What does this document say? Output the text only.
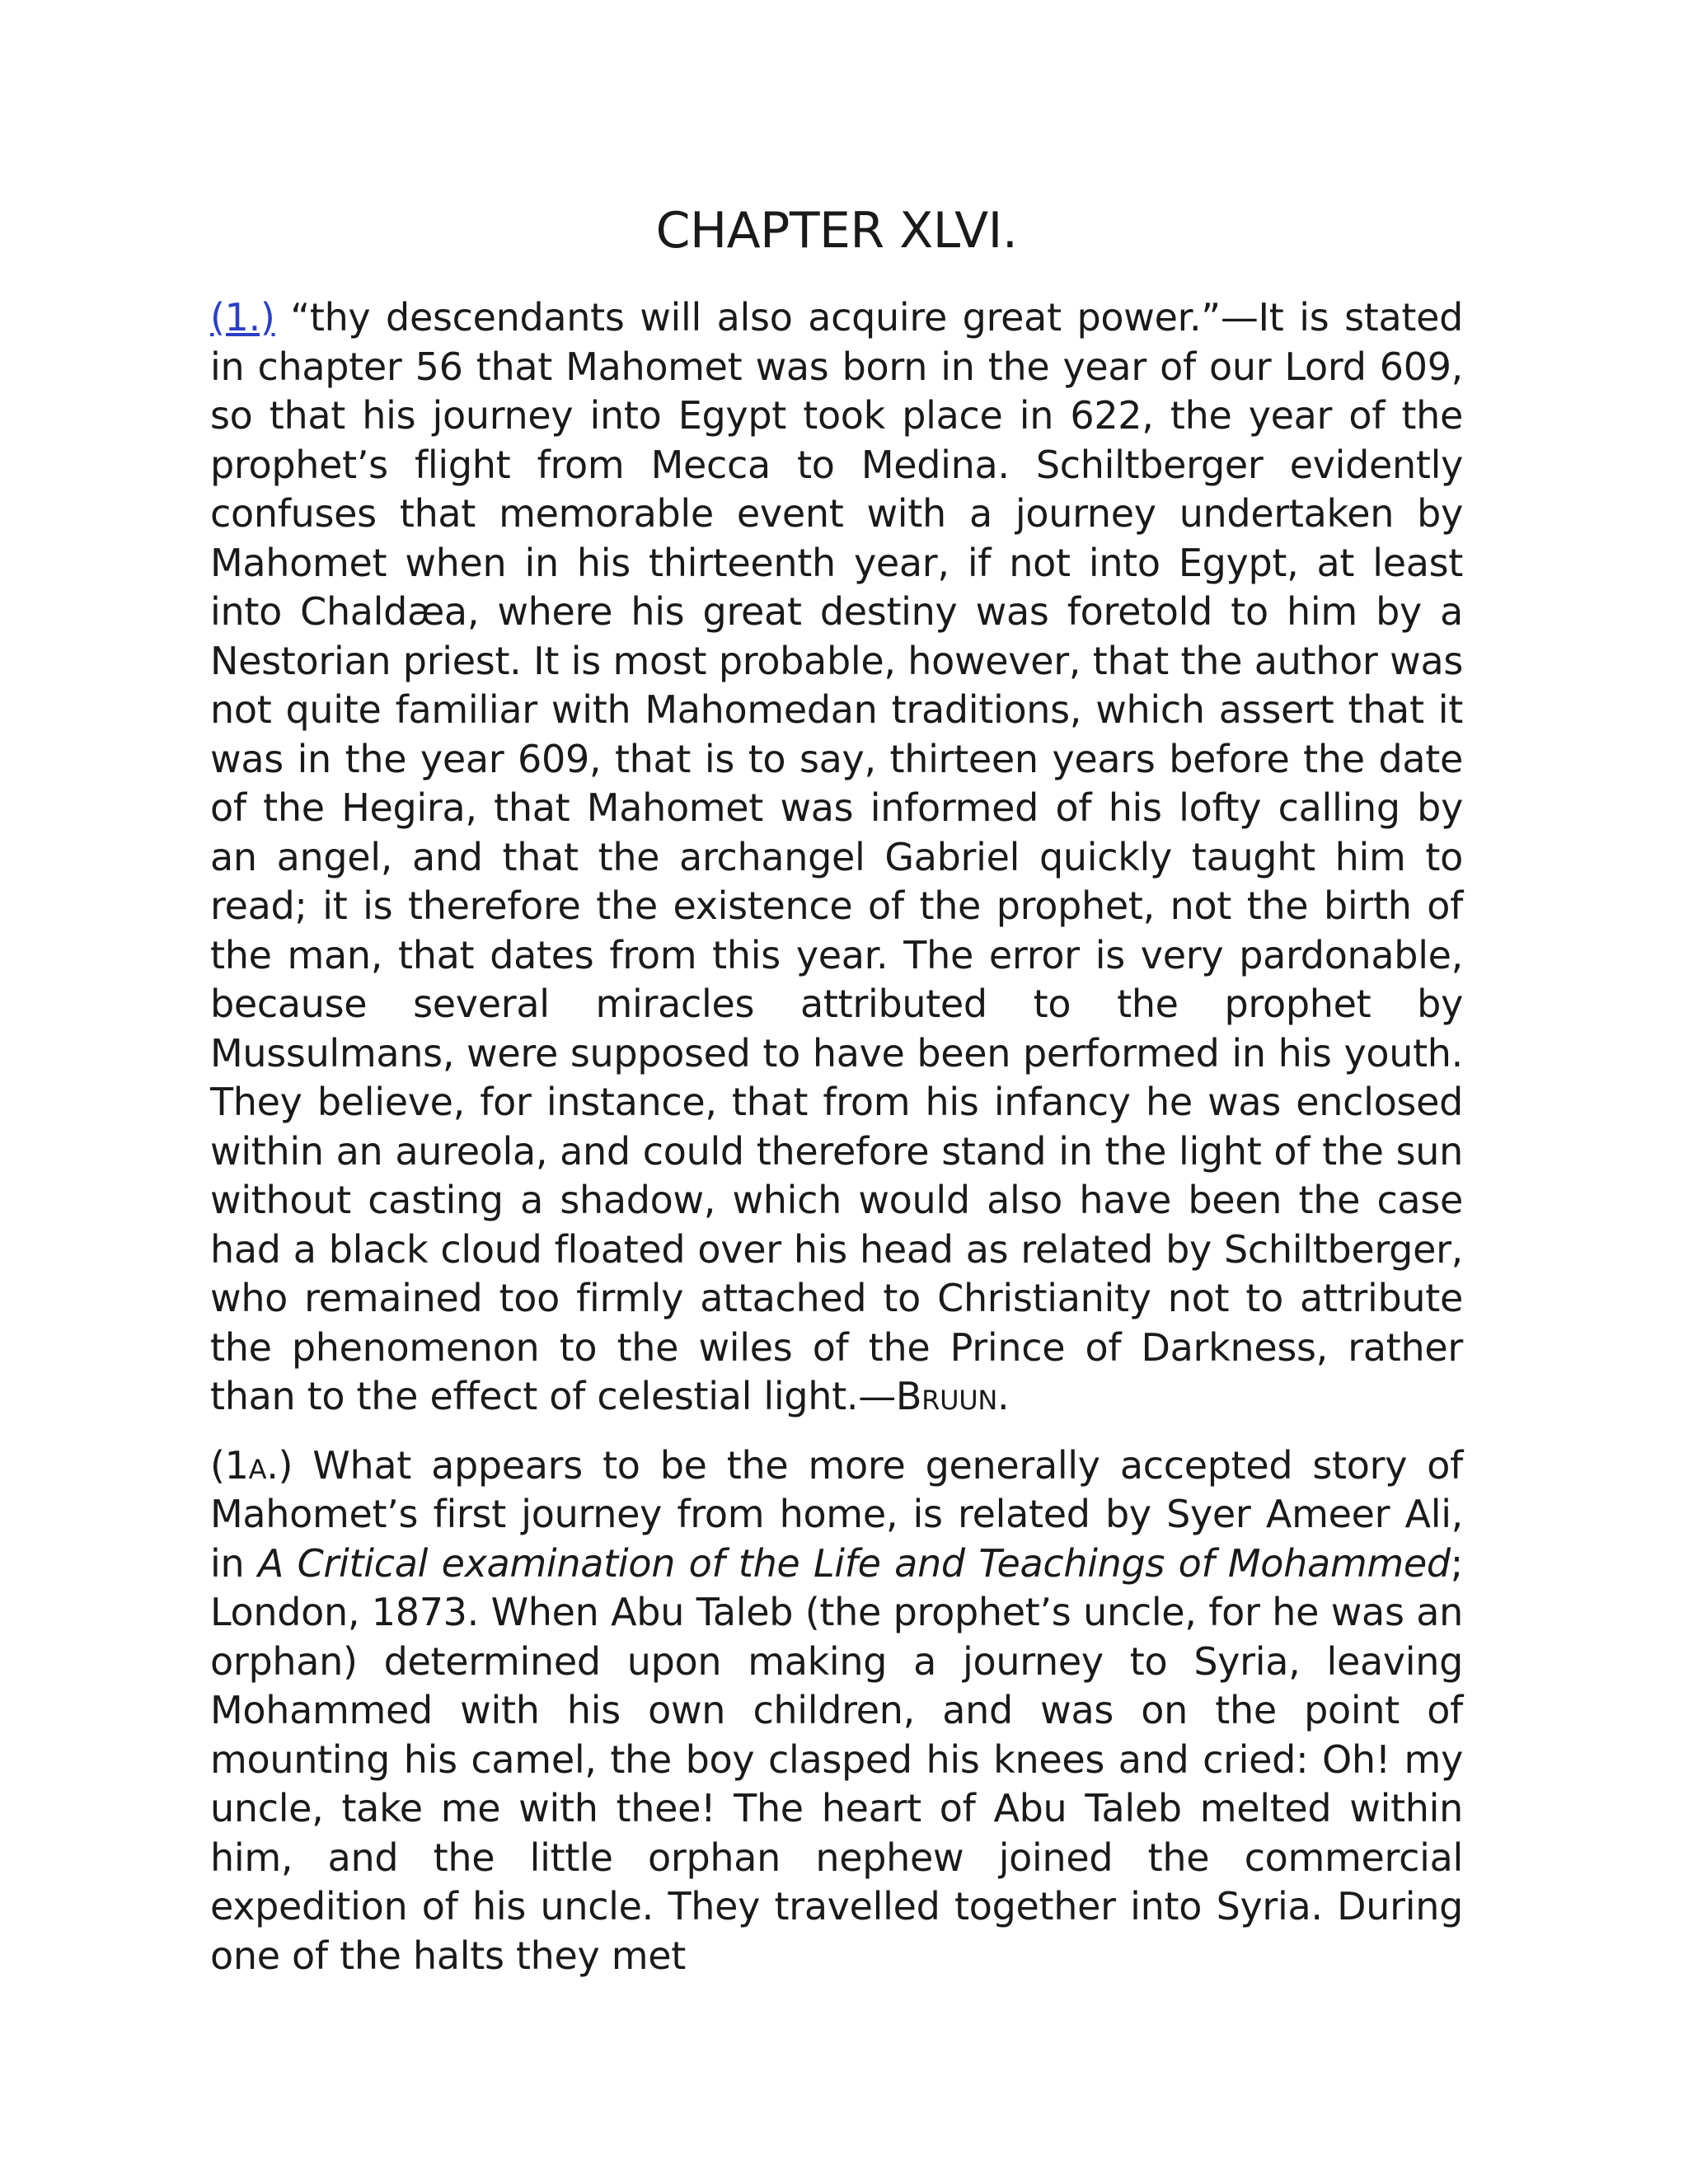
CHAPTER XLVI.

(1.) “thy descendants will also acquire great power.”—It is stated in chapter 56 that Mahomet was born in the year of our Lord 609, so that his journey into Egypt took place in 622, the year of the prophet’s flight from Mecca to Medina. Schiltberger evidently confuses that memorable event with a journey undertaken by Mahomet when in his thirteenth year, if not into Egypt, at least into Chaldæa, where his great destiny was foretold to him by a Nestorian priest. It is most probable, however, that the author was not quite familiar with Mahomedan traditions, which assert that it was in the year 609, that is to say, thirteen years before the date of the Hegira, that Mahomet was informed of his lofty calling by an angel, and that the archangel Gabriel quickly taught him to read; it is therefore the existence of the prophet, not the birth of the man, that dates from this year. The error is very pardonable, because several miracles attributed to the prophet by Mussulmans, were supposed to have been performed in his youth. They believe, for instance, that from his infancy he was enclosed within an aureola, and could therefore stand in the light of the sun without casting a shadow, which would also have been the case had a black cloud floated over his head as related by Schiltberger, who remained too firmly attached to Christianity not to attribute the phenomenon to the wiles of the Prince of Darkness, rather than to the effect of celestial light.—Bruun.

(1a.) What appears to be the more generally accepted story of Mahomet’s first journey from home, is related by Syer Ameer Ali, in A Critical examination of the Life and Teachings of Mohammed; London, 1873. When Abu Taleb (the prophet’s uncle, for he was an orphan) determined upon making a journey to Syria, leaving Mohammed with his own children, and was on the point of mounting his camel, the boy clasped his knees and cried: Oh! my uncle, take me with thee! The heart of Abu Taleb melted within him, and the little orphan nephew joined the commercial expedition of his uncle. They travelled together into Syria. During one of the halts they met
